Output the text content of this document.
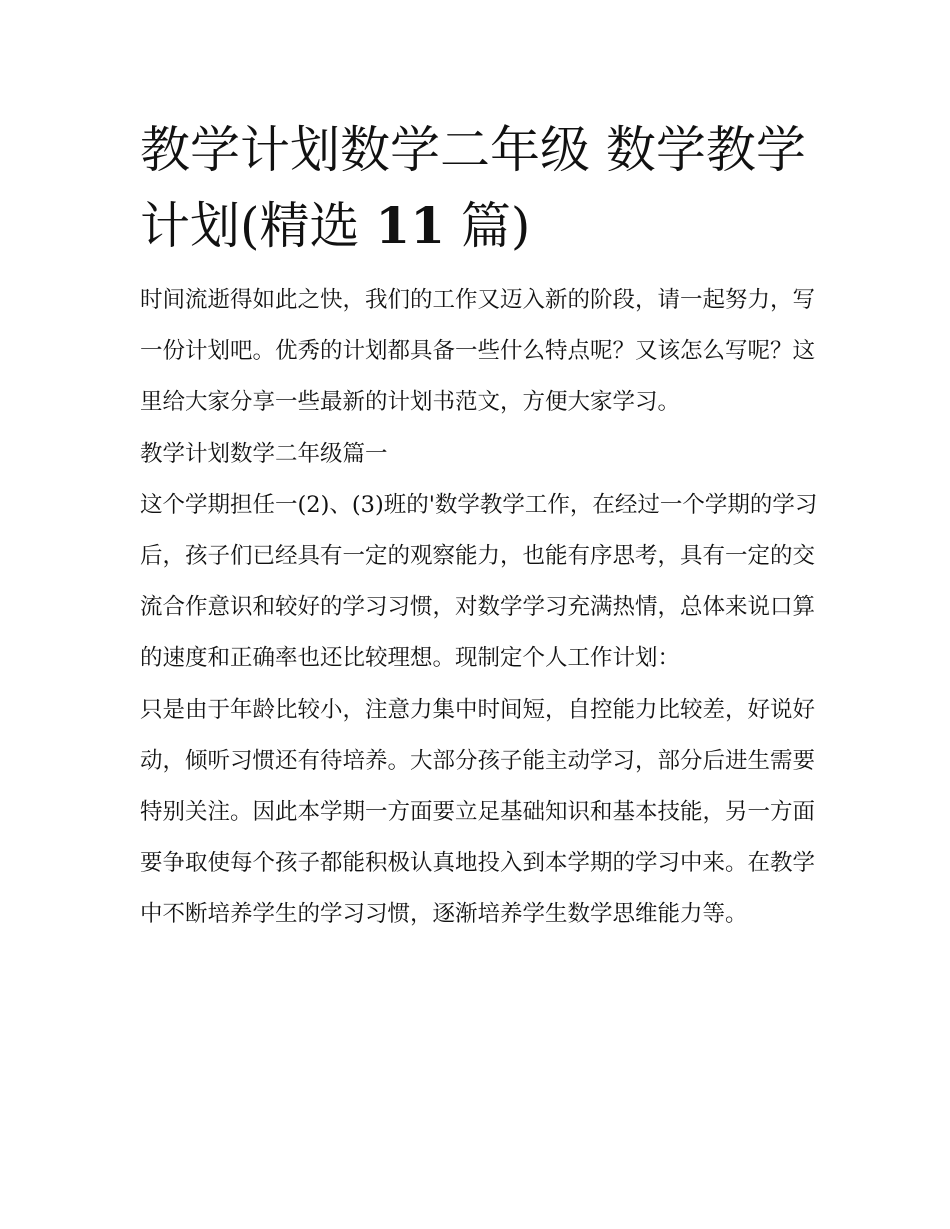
教学计划数学二年级 数学教学
计划(精选 11 篇)

时间流逝得如此之快，我们的工作又迈入新的阶段，请一起努力，写一份计划吧。优秀的计划都具备一些什么特点呢？又该怎么写呢？这里给大家分享一些最新的计划书范文，方便大家学习。

教学计划数学二年级篇一

这个学期担任一(2)、(3)班的'数学教学工作，在经过一个学期的学习后，孩子们已经具有一定的观察能力，也能有序思考，具有一定的交流合作意识和较好的学习习惯，对数学学习充满热情，总体来说口算的速度和正确率也还比较理想。现制定个人工作计划：

只是由于年龄比较小，注意力集中时间短，自控能力比较差，好说好动，倾听习惯还有待培养。大部分孩子能主动学习，部分后进生需要特别关注。因此本学期一方面要立足基础知识和基本技能，另一方面要争取使每个孩子都能积极认真地投入到本学期的学习中来。在教学中不断培养学生的学习习惯，逐渐培养学生数学思维能力等。
